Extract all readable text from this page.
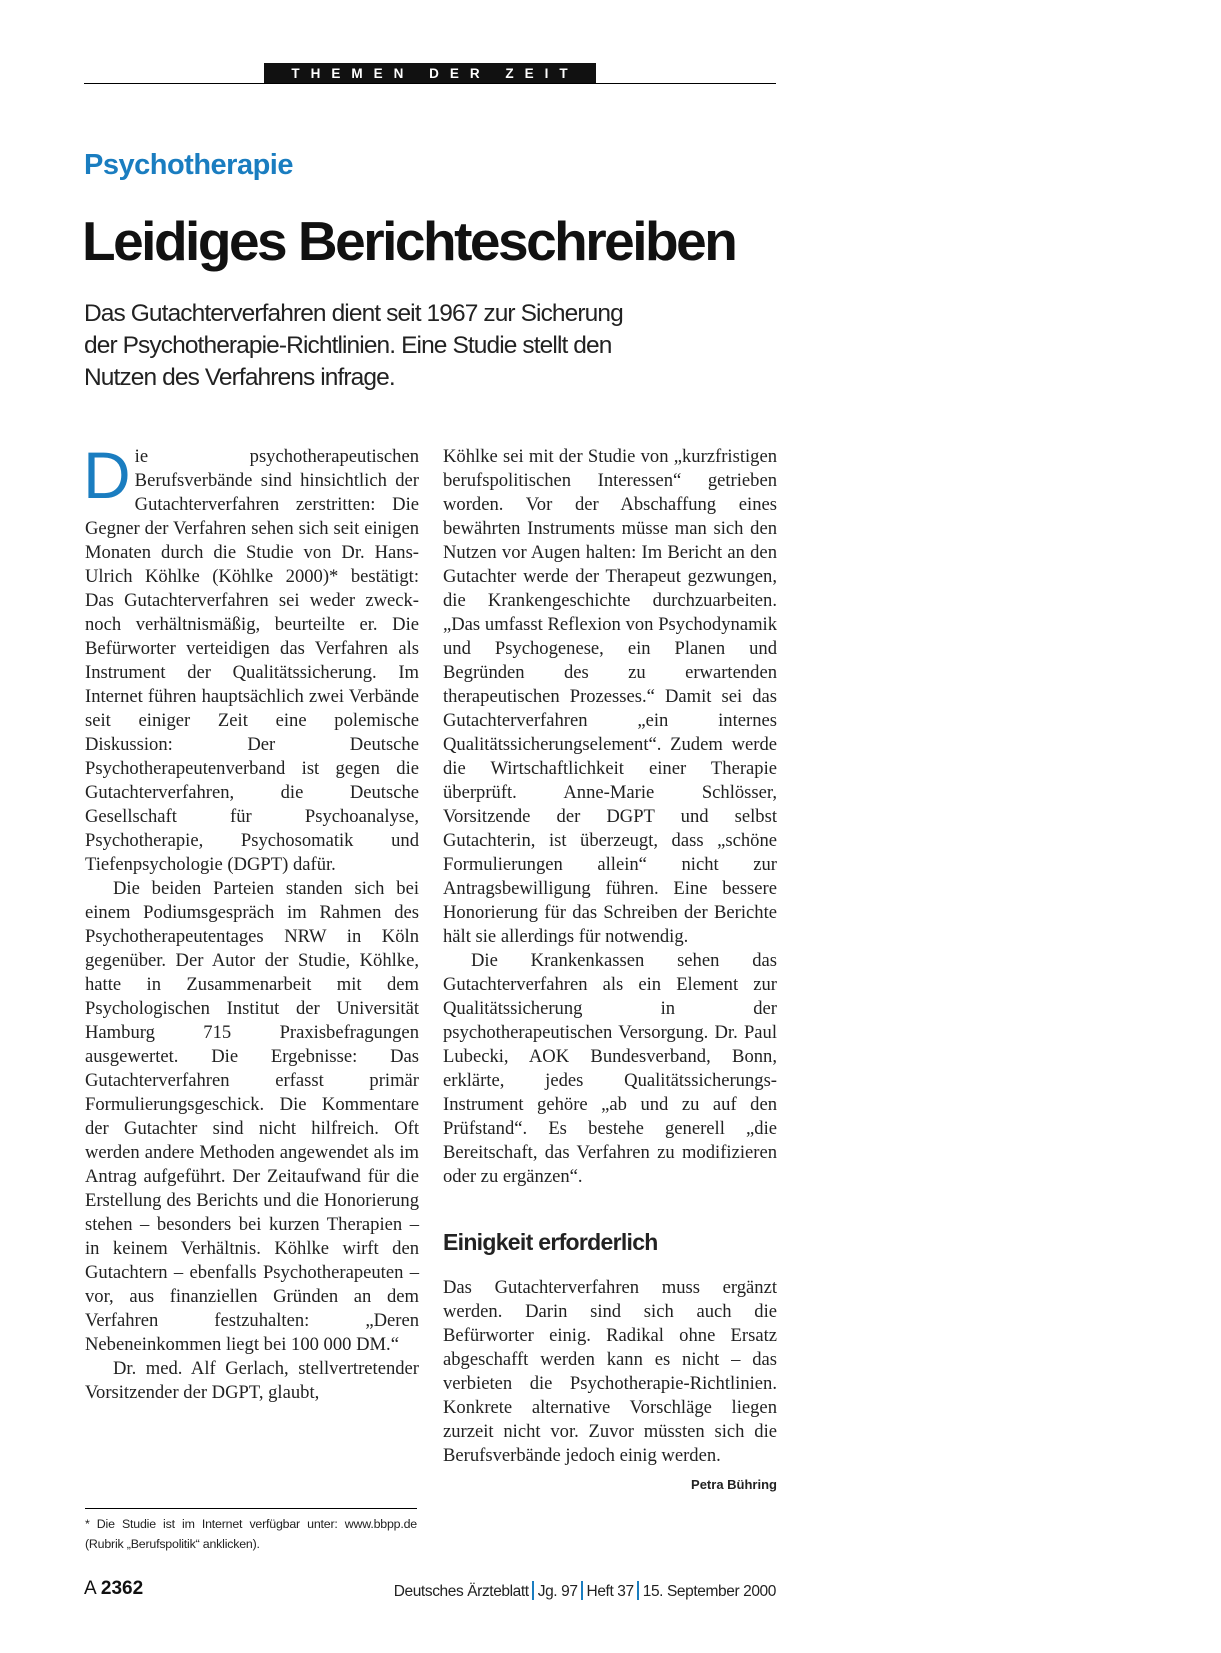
THEMEN DER ZEIT
Psychotherapie
Leidiges Berichteschreiben
Das Gutachterverfahren dient seit 1967 zur Sicherung der Psychotherapie-Richtlinien. Eine Studie stellt den Nutzen des Verfahrens infrage.

Die psychotherapeutischen Berufsverbände sind hinsichtlich der Gutachterverfahren zerstritten: Die Gegner der Verfahren sehen sich seit einigen Monaten durch die Studie von Dr. Hans-Ulrich Köhlke (Köhlke 2000)* bestätigt: Das Gutachterverfahren sei weder zweck- noch verhältnismäßig, beurteilte er. Die Befürworter verteidigen das Verfahren als Instrument der Qualitätssicherung. Im Internet führen hauptsächlich zwei Verbände seit einiger Zeit eine polemische Diskussion: Der Deutsche Psychotherapeutenverband ist gegen die Gutachterverfahren, die Deutsche Gesellschaft für Psychoanalyse, Psychotherapie, Psychosomatik und Tiefenpsychologie (DGPT) dafür.

Die beiden Parteien standen sich bei einem Podiumsgespräch im Rahmen des Psychotherapeutentages NRW in Köln gegenüber. Der Autor der Studie, Köhlke, hatte in Zusammenarbeit mit dem Psychologischen Institut der Universität Hamburg 715 Praxisbefragungen ausgewertet. Die Ergebnisse: Das Gutachterverfahren erfasst primär Formulierungsgeschick. Die Kommentare der Gutachter sind nicht hilfreich. Oft werden andere Methoden angewendet als im Antrag aufgeführt. Der Zeitaufwand für die Erstellung des Berichts und die Honorierung stehen – besonders bei kurzen Therapien – in keinem Verhältnis. Köhlke wirft den Gutachtern – ebenfalls Psychotherapeuten – vor, aus finanziellen Gründen an dem Verfahren festzuhalten: „Deren Nebeneinkommen liegt bei 100 000 DM.“

Dr. med. Alf Gerlach, stellvertretender Vorsitzender der DGPT, glaubt,

Köhlke sei mit der Studie von „kurzfristigen berufspolitischen Interessen“ getrieben worden. Vor der Abschaffung eines bewährten Instruments müsse man sich den Nutzen vor Augen halten: Im Bericht an den Gutachter werde der Therapeut gezwungen, die Krankengeschichte durchzuarbeiten. „Das umfasst Reflexion von Psychodynamik und Psychogenese, ein Planen und Begründen des zu erwartenden therapeutischen Prozesses.“ Damit sei das Gutachterverfahren „ein internes Qualitätssicherungselement“. Zudem werde die Wirtschaftlichkeit einer Therapie überprüft. Anne-Marie Schlösser, Vorsitzende der DGPT und selbst Gutachterin, ist überzeugt, dass „schöne Formulierungen allein“ nicht zur Antragsbewilligung führen. Eine bessere Honorierung für das Schreiben der Berichte hält sie allerdings für notwendig.

Die Krankenkassen sehen das Gutachterverfahren als ein Element zur Qualitätssicherung in der psychotherapeutischen Versorgung. Dr. Paul Lubecki, AOK Bundesverband, Bonn, erklärte, jedes Qualitätssicherungs-Instrument gehöre „ab und zu auf den Prüfstand“. Es bestehe generell „die Bereitschaft, das Verfahren zu modifizieren oder zu ergänzen“.

Einigkeit erforderlich

Das Gutachterverfahren muss ergänzt werden. Darin sind sich auch die Befürworter einig. Radikal ohne Ersatz abgeschafft werden kann es nicht – das verbieten die Psychotherapie-Richtlinien. Konkrete alternative Vorschläge liegen zurzeit nicht vor. Zuvor müssten sich die Berufsverbände jedoch einig werden.
Petra Bühring

* Die Studie ist im Internet verfügbar unter: www.bbpp.de (Rubrik „Berufspolitik“ anklicken).
A 2362	Deutsches Ärzteblatt Jg. 97 Heft 37 15. September 2000
